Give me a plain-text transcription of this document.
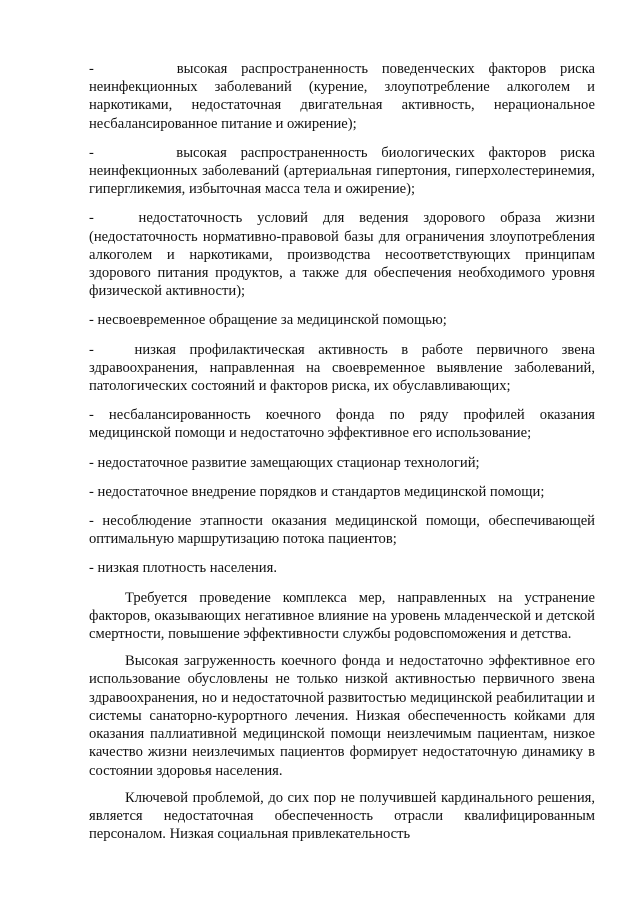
-      высокая распространенность поведенческих факторов риска неинфекционных заболеваний (курение, злоупотребление алкоголем и наркотиками, недостаточная двигательная активность, нерациональное несбалансированное питание и ожирение);

-      высокая распространенность биологических факторов риска неинфекционных заболеваний (артериальная гипертония, гиперхолестеринемия, гипергликемия, избыточная масса тела и ожирение);

-   недостаточность условий для ведения здорового образа жизни (недостаточность нормативно-правовой базы для ограничения злоупотребления алкоголем и наркотиками, производства несоответствующих принципам здорового питания продуктов, а также для обеспечения необходимого уровня физической активности);

- несвоевременное обращение за медицинской помощью;

-   низкая профилактическая активность в работе первичного звена здравоохранения, направленная на своевременное выявление заболеваний, патологических состояний и факторов риска, их обуславливающих;

- несбалансированность коечного фонда по ряду профилей оказания медицинской помощи и недостаточно эффективное его использование;

- недостаточное развитие замещающих стационар технологий;

- недостаточное внедрение порядков и стандартов медицинской помощи;

- несоблюдение этапности оказания медицинской помощи, обеспечивающей оптимальную маршрутизацию потока пациентов;

- низкая плотность населения.

Требуется проведение комплекса мер, направленных на устранение факторов, оказывающих негативное влияние на уровень младенческой и детской смертности, повышение эффективности службы родовспоможения и детства.

Высокая загруженность коечного фонда и недостаточно эффективное его использование обусловлены не только низкой активностью первичного звена здравоохранения, но и недостаточной развитостью медицинской реабилитации и системы санаторно-курортного лечения. Низкая обеспеченность койками для оказания паллиативной медицинской помощи неизлечимым пациентам, низкое качество жизни неизлечимых пациентов формирует недостаточную динамику в состоянии здоровья населения.

Ключевой проблемой, до сих пор не получившей кардинального решения, является недостаточная обеспеченность отрасли квалифицированным персоналом. Низкая социальная привлекательность
